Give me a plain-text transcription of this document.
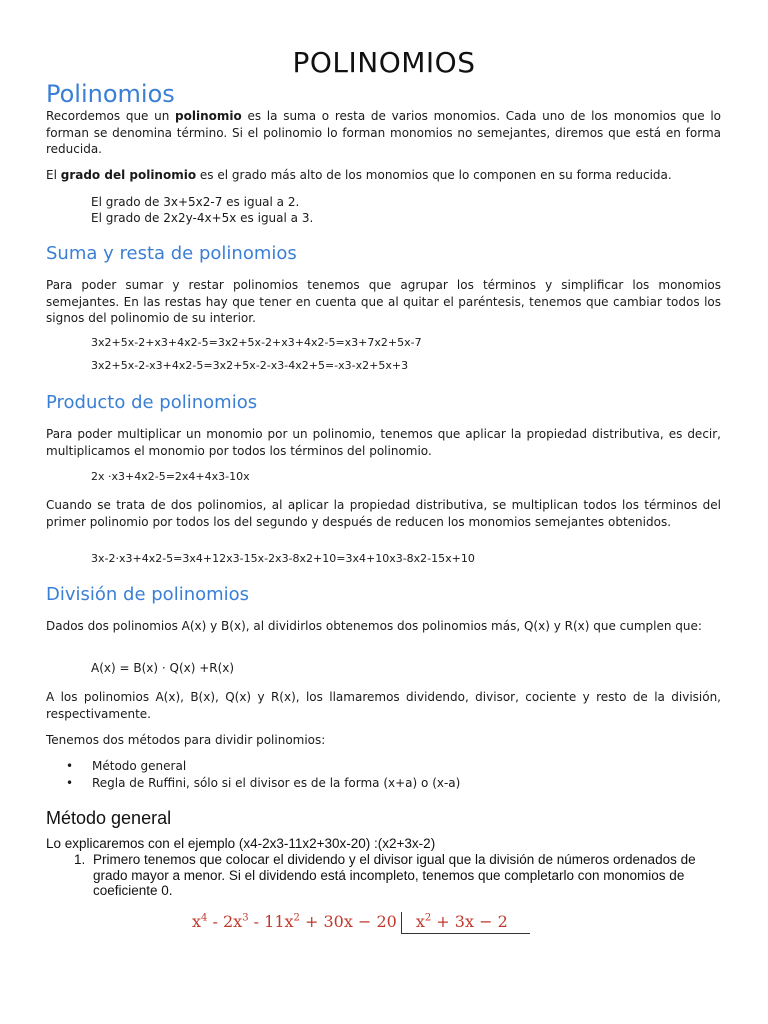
POLINOMIOS
Polinomios
Recordemos que un polinomio es la suma o resta de varios monomios. Cada uno de los monomios que lo forman se denomina término. Si el polinomio lo forman monomios no semejantes, diremos que está en forma reducida.
El grado del polinomio es el grado más alto de los monomios que lo componen en su forma reducida.
El grado de 3x+5x2-7 es igual a 2.
El grado de 2x2y-4x+5x es igual a 3.
Suma y resta de polinomios
Para poder sumar y restar polinomios tenemos que agrupar los términos y simplificar los monomios semejantes. En las restas hay que tener en cuenta que al quitar el paréntesis, tenemos que cambiar todos los signos del polinomio de su interior.
3x2+5x-2+x3+4x2-5=3x2+5x-2+x3+4x2-5=x3+7x2+5x-7
3x2+5x-2-x3+4x2-5=3x2+5x-2-x3-4x2+5=-x3-x2+5x+3
Producto de polinomios
Para poder multiplicar un monomio por un polinomio, tenemos que aplicar la propiedad distributiva, es decir, multiplicamos el monomio por todos los términos del polinomio.
2x ·x3+4x2-5=2x4+4x3-10x
Cuando se trata de dos polinomios, al aplicar la propiedad distributiva, se multiplican todos los términos del primer polinomio por todos los del segundo y después de reducen los monomios semejantes obtenidos.
3x-2·x3+4x2-5=3x4+12x3-15x-2x3-8x2+10=3x4+10x3-8x2-15x+10
División de polinomios
Dados dos polinomios A(x) y B(x), al dividirlos obtenemos dos polinomios más, Q(x) y R(x) que cumplen que:
A(x) = B(x) · Q(x) +R(x)
A los polinomios A(x), B(x), Q(x) y R(x), los llamaremos dividendo, divisor, cociente y resto de la división, respectivamente.
Tenemos dos métodos para dividir polinomios:
• Método general
• Regla de Ruffini, sólo si el divisor es de la forma (x+a) o (x-a)
Método general
Lo explicaremos con el ejemplo (x4-2x3-11x2+30x-20) :(x2+3x-2)
1. Primero tenemos que colocar el dividendo y el divisor igual que la división de números ordenados de grado mayor a menor. Si el dividendo está incompleto, tenemos que completarlo con monomios de coeficiente 0.
$x^4 - 2x^3 - 11x^2 + 30x - 20$ $x^2 + 3x - 2$
